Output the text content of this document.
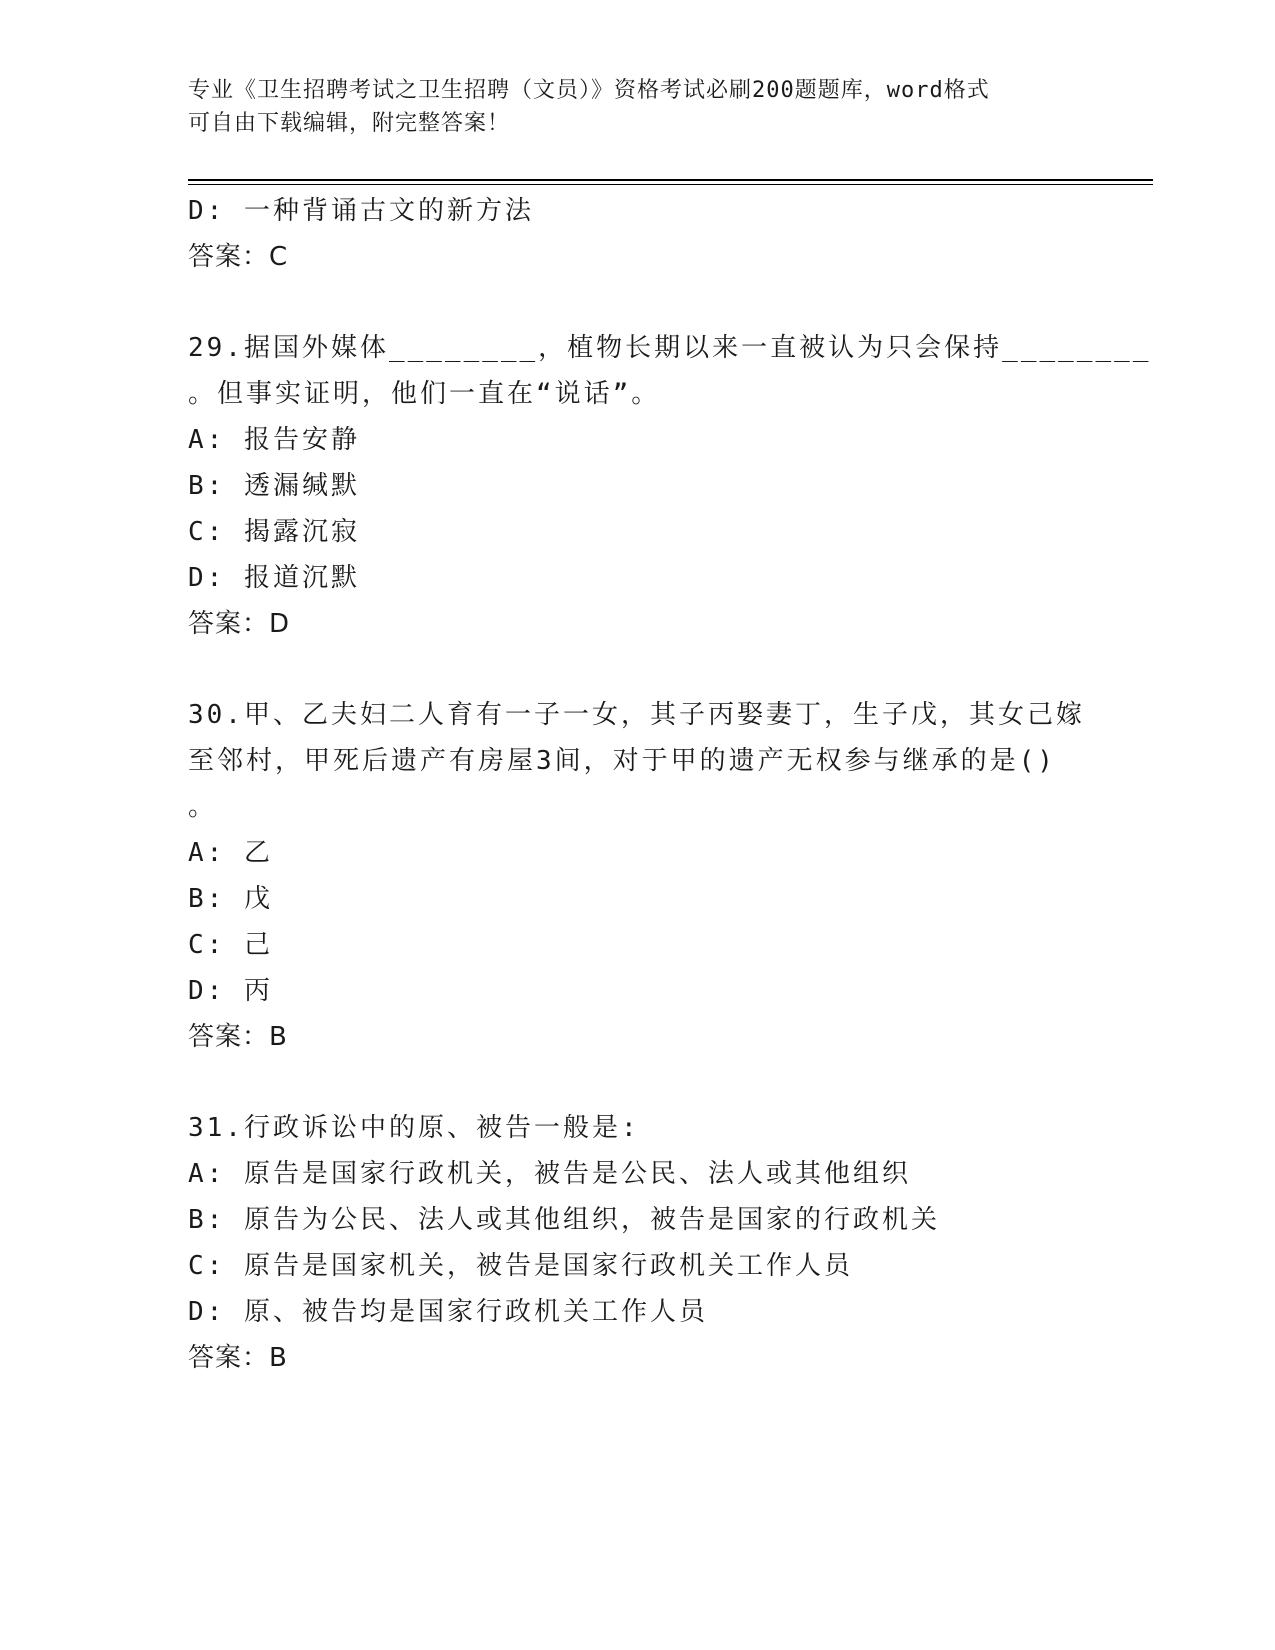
专业《卫生招聘考试之卫生招聘（文员）》资格考试必刷200题题库，word格式
可自由下载编辑，附完整答案！
D: 一种背诵古文的新方法
答案：C
29.据国外媒体________，植物长期以来一直被认为只会保持________
。但事实证明，他们一直在“说话”。
A: 报告安静
B: 透漏缄默
C: 揭露沉寂
D: 报道沉默
答案：D
30.甲、乙夫妇二人育有一子一女，其子丙娶妻丁，生子戊，其女己嫁
至邻村，甲死后遗产有房屋3间，对于甲的遗产无权参与继承的是()
。
A: 乙
B: 戊
C: 己
D: 丙
答案：B
31.行政诉讼中的原、被告一般是:
A: 原告是国家行政机关，被告是公民、法人或其他组织
B: 原告为公民、法人或其他组织，被告是国家的行政机关
C: 原告是国家机关，被告是国家行政机关工作人员
D: 原、被告均是国家行政机关工作人员
答案：B
